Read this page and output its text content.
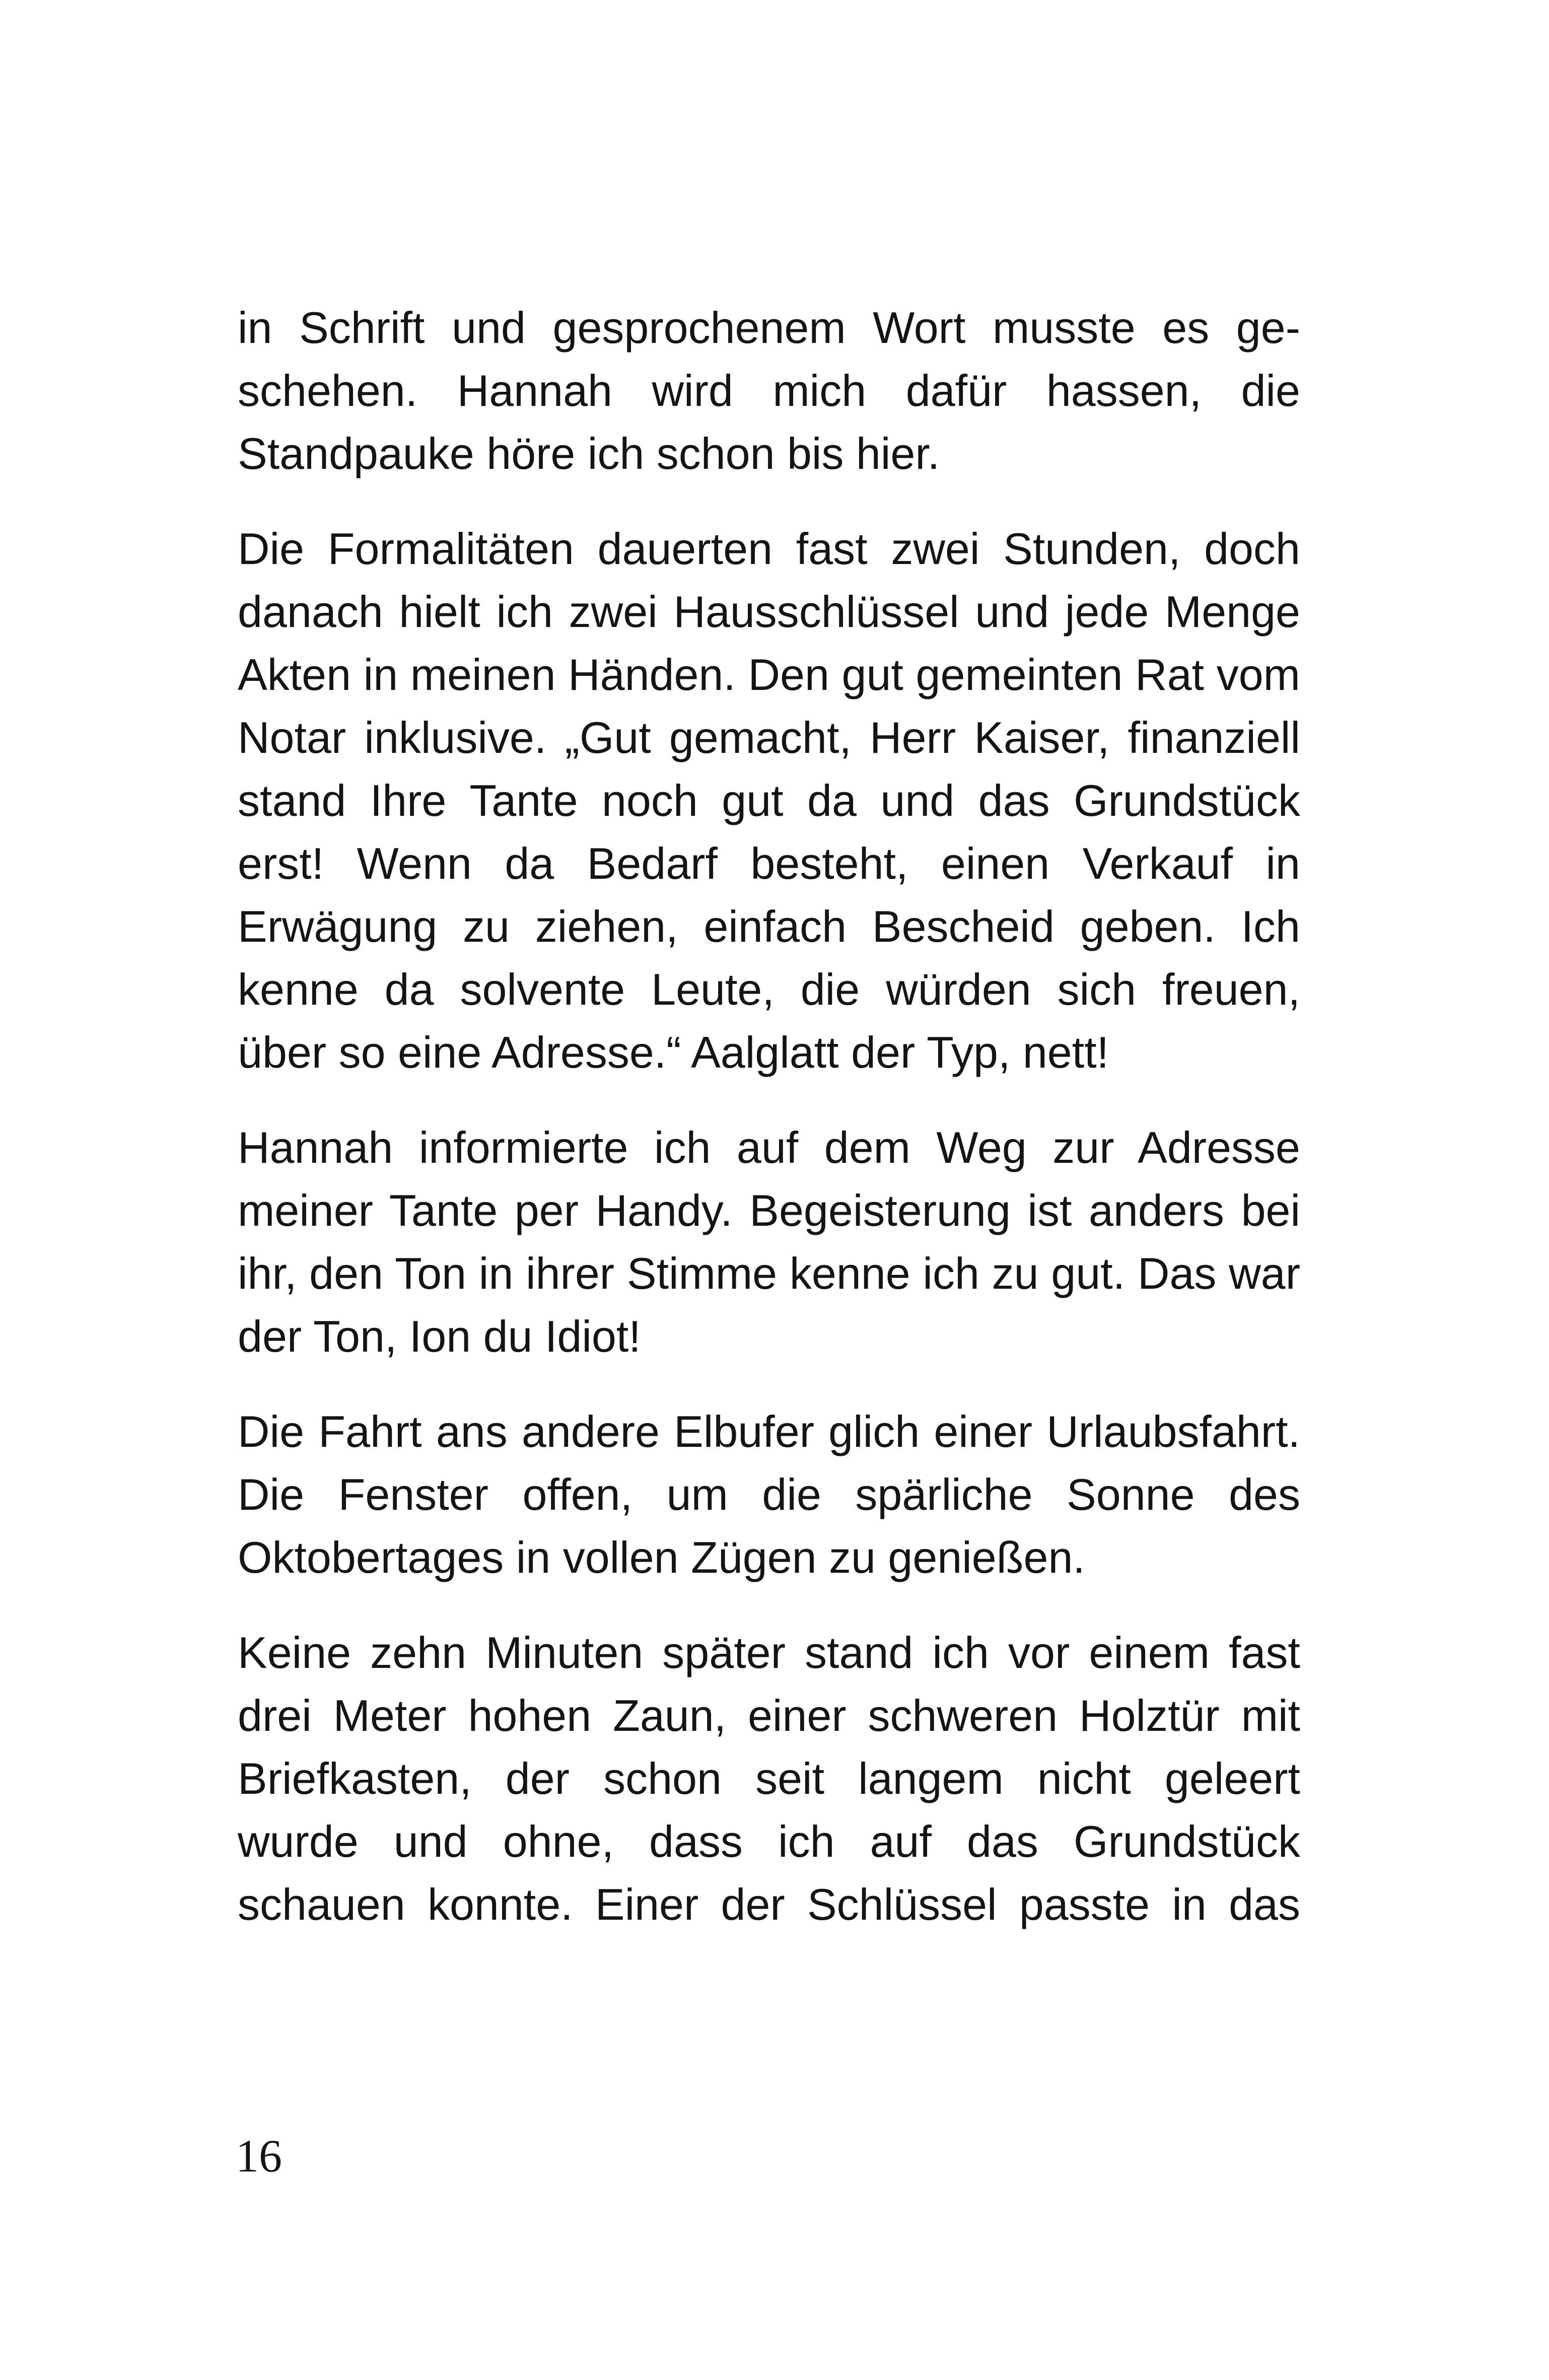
in Schrift und gesprochenem Wort musste es geschehen. Hannah wird mich dafür hassen, die Standpauke höre ich schon bis hier.

Die Formalitäten dauerten fast zwei Stunden, doch danach hielt ich zwei Hausschlüssel und jede Menge Akten in meinen Händen. Den gut gemeinten Rat vom Notar inklusive. „Gut gemacht, Herr Kaiser, finanziell stand Ihre Tante noch gut da und das Grundstück erst! Wenn da Bedarf besteht, einen Verkauf in Erwägung zu ziehen, einfach Bescheid geben. Ich kenne da solvente Leute, die würden sich freuen, über so eine Adresse.“ Aalglatt der Typ, nett!

Hannah informierte ich auf dem Weg zur Adresse meiner Tante per Handy. Begeisterung ist anders bei ihr, den Ton in ihrer Stimme kenne ich zu gut. Das war der Ton, Ion du Idiot!

Die Fahrt ans andere Elbufer glich einer Urlaubsfahrt. Die Fenster offen, um die spärliche Sonne des Oktobertages in vollen Zügen zu genießen.

Keine zehn Minuten später stand ich vor einem fast drei Meter hohen Zaun, einer schweren Holztür mit Briefkasten, der schon seit langem nicht geleert wurde und ohne, dass ich auf das Grundstück schauen konnte. Einer der Schlüssel passte in das

16
